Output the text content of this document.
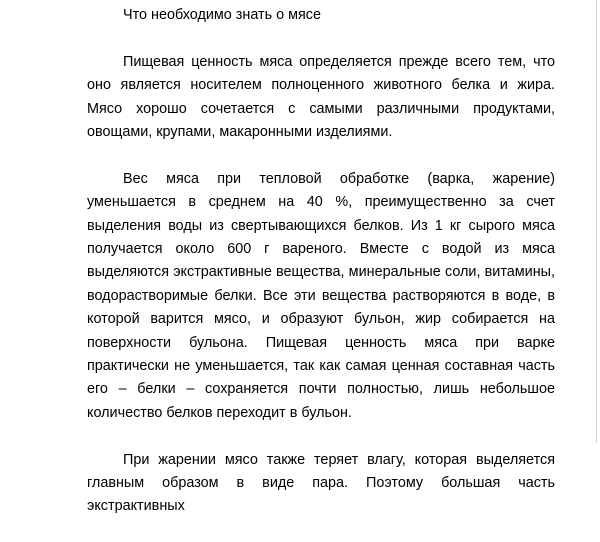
Что необходимо знать о мясе

Пищевая ценность мяса определяется прежде всего тем, что оно является носителем полноценного животного белка и жира. Мясо хорошо сочетается с самыми различными продуктами, овощами, крупами, макаронными изделиями.

Вес мяса при тепловой обработке (варка, жарение) уменьшается в среднем на 40 %, преимущественно за счет выделения воды из свертывающихся белков. Из 1 кг сырого мяса получается около 600 г вареного. Вместе с водой из мяса выделяются экстрактивные вещества, минеральные соли, витамины, водорастворимые белки. Все эти вещества растворяются в воде, в которой варится мясо, и образуют бульон, жир собирается на поверхности бульона. Пищевая ценность мяса при варке практически не уменьшается, так как самая ценная составная часть его – белки – сохраняется почти полностью, лишь небольшое количество белков переходит в бульон.

При жарении мясо также теряет влагу, которая выделяется главным образом в виде пара. Поэтому большая часть экстрактивных
